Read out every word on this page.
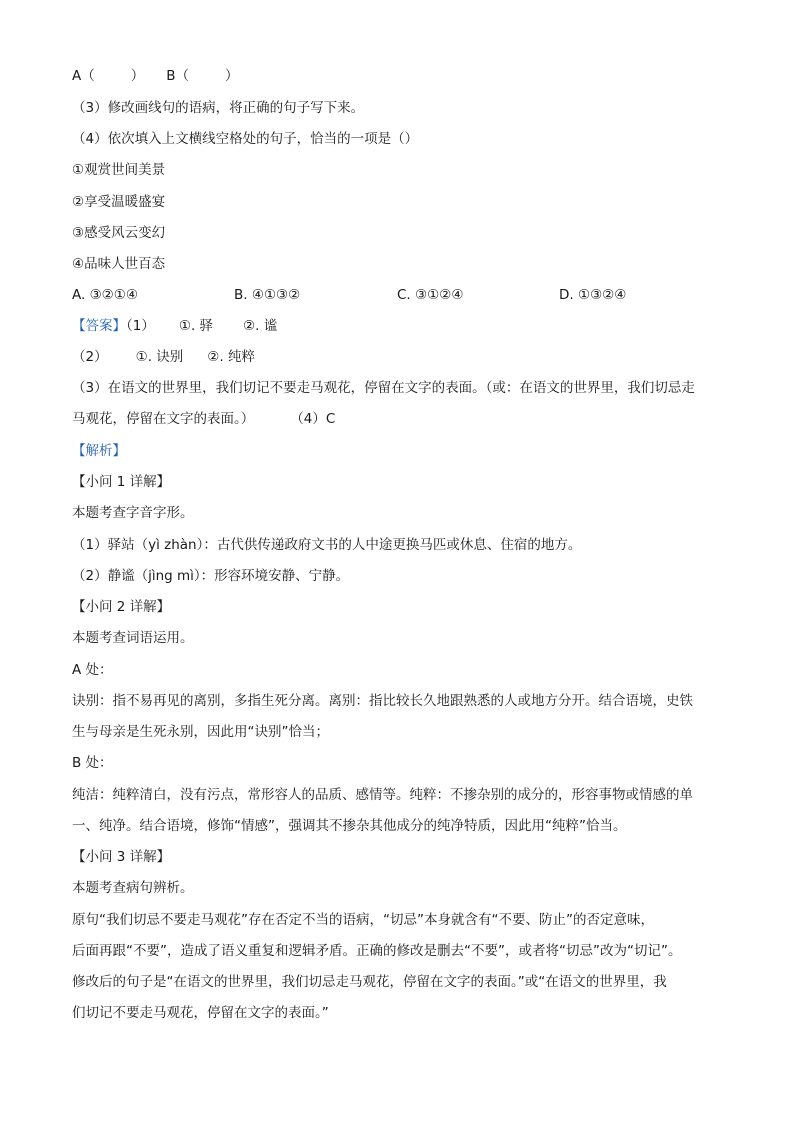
A（	） B（	）
（3）修改画线句的语病，将正确的句子写下来。
（4）依次填入上文横线空格处的句子，恰当的一项是（）
①观赏世间美景
②享受温暖盛宴
③感受风云变幻
④品味人世百态
A. ③②①④	B. ④①③②	C. ③①②④	D. ①③②④
【答案】（1） ①. 驿 ②. 谧
（2） ①. 诀别 ②. 纯粹
（3）在语文的世界里，我们切记不要走马观花，停留在文字的表面。（或：在语文的世界里，我们切忌走
马观花，停留在文字的表面。）	（4）C
【解析】
【小问 1 详解】
本题考查字音字形。
（1）驿站（yì zhàn）：古代供传递政府文书的人中途更换马匹或休息、住宿的地方。
（2）静谧（jìng mì）：形容环境安静、宁静。
【小问 2 详解】
本题考查词语运用。
A 处：
诀别：指不易再见的离别，多指生死分离。离别：指比较长久地跟熟悉的人或地方分开。结合语境，史铁
生与母亲是生死永别，因此用“诀别”恰当；
B 处：
纯洁：纯粹清白，没有污点，常形容人的品质、感情等。纯粹：不掺杂别的成分的，形容事物或情感的单
一、纯净。结合语境，修饰“情感”，强调其不掺杂其他成分的纯净特质，因此用“纯粹”恰当。
【小问 3 详解】
本题考查病句辨析。
原句“我们切忌不要走马观花”存在否定不当的语病，“切忌”本身就含有“不要、防止”的否定意味，
后面再跟“不要”，造成了语义重复和逻辑矛盾。正确的修改是删去“不要”，或者将“切忌”改为“切记”。
修改后的句子是“在语文的世界里，我们切忌走马观花，停留在文字的表面。”或“在语文的世界里，我
们切记不要走马观花，停留在文字的表面。”
